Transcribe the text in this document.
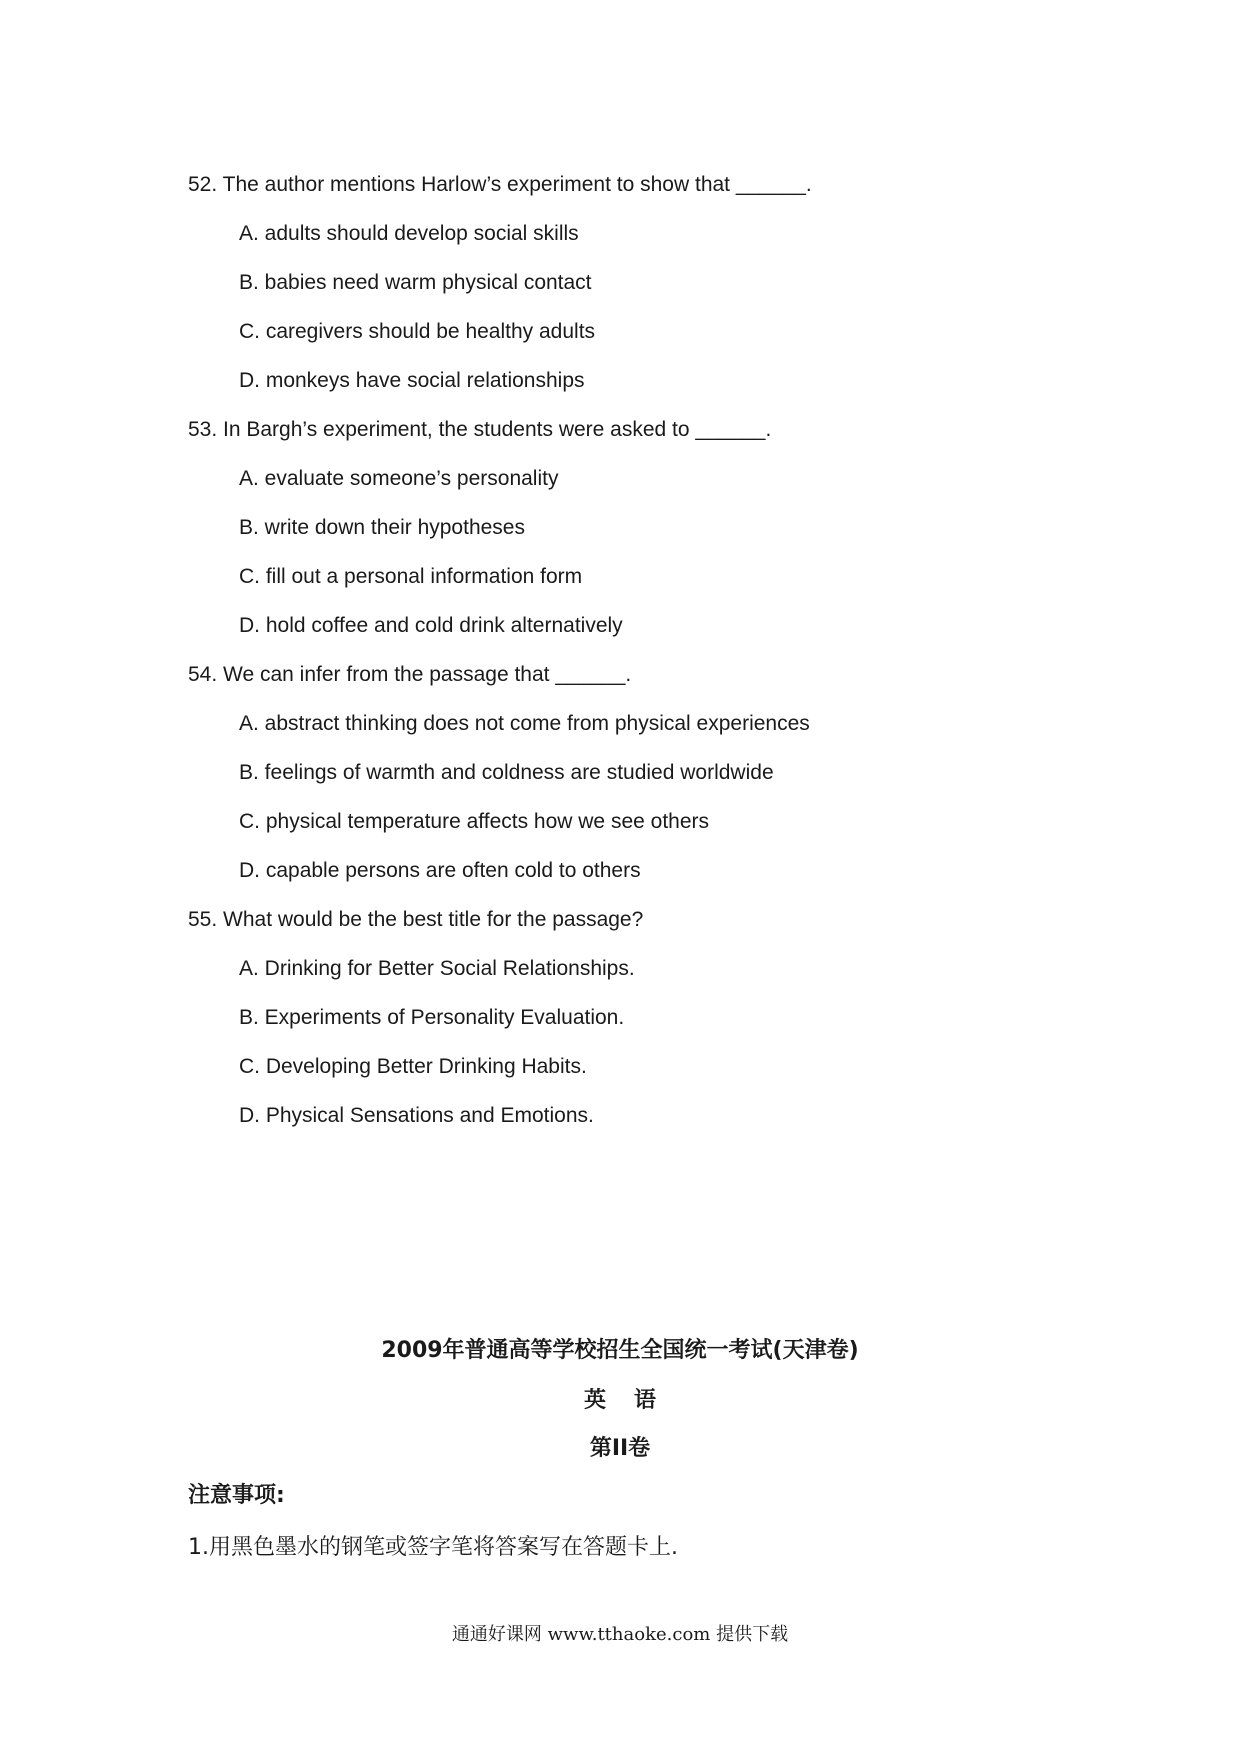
52. The author mentions Harlow’s experiment to show that ______.
A. adults should develop social skills
B. babies need warm physical contact
C. caregivers should be healthy adults
D. monkeys have social relationships
53. In Bargh’s experiment, the students were asked to ______.
A. evaluate someone’s personality
B. write down their hypotheses
C. fill out a personal information form
D. hold coffee and cold drink alternatively
54. We can infer from the passage that ______.
A. abstract thinking does not come from physical experiences
B. feelings of warmth and coldness are studied worldwide
C. physical temperature affects how we see others
D. capable persons are often cold to others
55. What would be the best title for the passage?
A. Drinking for Better Social Relationships.
B. Experiments of Personality Evaluation.
C. Developing Better Drinking Habits.
D. Physical Sensations and Emotions.
2009年普通高等学校招生全国统一考试(天津卷)
英语
第II卷
注意事项:
1.用黑色墨水的钢笔或签字笔将答案写在答题卡上.
通通好课网 www.tthaoke.com 提供下载
